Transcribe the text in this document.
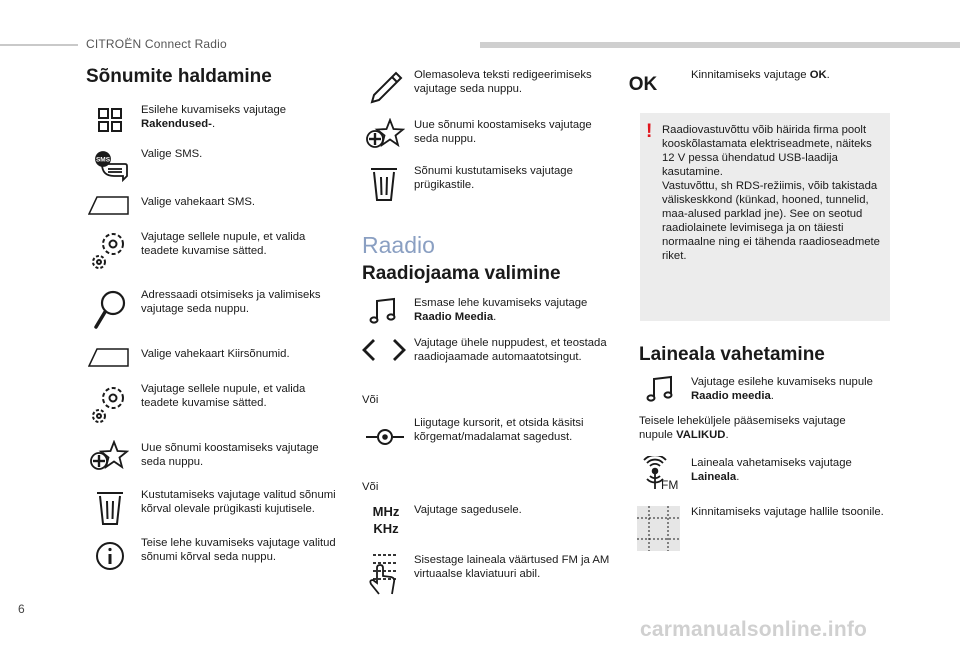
CITROËN Connect Radio
6
carmanualsonline.info
Sõnumite haldamine
Esilehe kuvamiseks vajutage
Rakendused-.
SMS	Valige SMS.
Valige vahekaart SMS.
Vajutage sellele nupule, et valida teadete kuvamise sätted.
Adressaadi otsimiseks ja valimiseks vajutage seda nuppu.
Valige vahekaart Kiirsõnumid.
Vajutage sellele nupule, et valida teadete kuvamise sätted.
Uue sõnumi koostamiseks vajutage seda nuppu.
Kustutamiseks vajutage valitud sõnumi kõrval olevale prügikasti kujutisele.
Teise lehe kuvamiseks vajutage valitud sõnumi kõrval seda nuppu.
Olemasoleva teksti redigeerimiseks vajutage seda nuppu.
Uue sõnumi koostamiseks vajutage seda nuppu.
Sõnumi kustutamiseks vajutage prügikastile.
Raadio
Raadiojaama valimine
Esmase lehe kuvamiseks vajutage
Raadio Meedia.
Vajutage ühele nuppudest, et teostada raadiojaamade automaatotsingut.
Või
Liigutage kursorit, et otsida käsitsi kõrgemat/madalamat sagedust.
Või
MHz
KHz
Vajutage sagedusele.
Sisestage laineala väärtused FM ja AM virtuaalse klaviatuuri abil.
OK	Kinnitamiseks vajutage OK.
! Raadiovastuvõttu võib häirida firma poolt kooskõlastamata elektriseadmete, näiteks 12 V pessa ühendatud USB-laadija kasutamine.
Vastuvõttu, sh RDS-režiimis, võib takistada väliskeskkond (künkad, hooned, tunnelid, maa-alused parklad jne). See on seotud raadiolainete levimisega ja on täiesti normaalne ning ei tähenda raadioseadmete riket.
Laineala vahetamine
Vajutage esilehe kuvamiseks nupule
Raadio meedia.
Teisele leheküljele pääsemiseks vajutage nupule VALIKUD.
FM
Laineala vahetamiseks vajutage
Laineala.
Kinnitamiseks vajutage hallile tsoonile.
